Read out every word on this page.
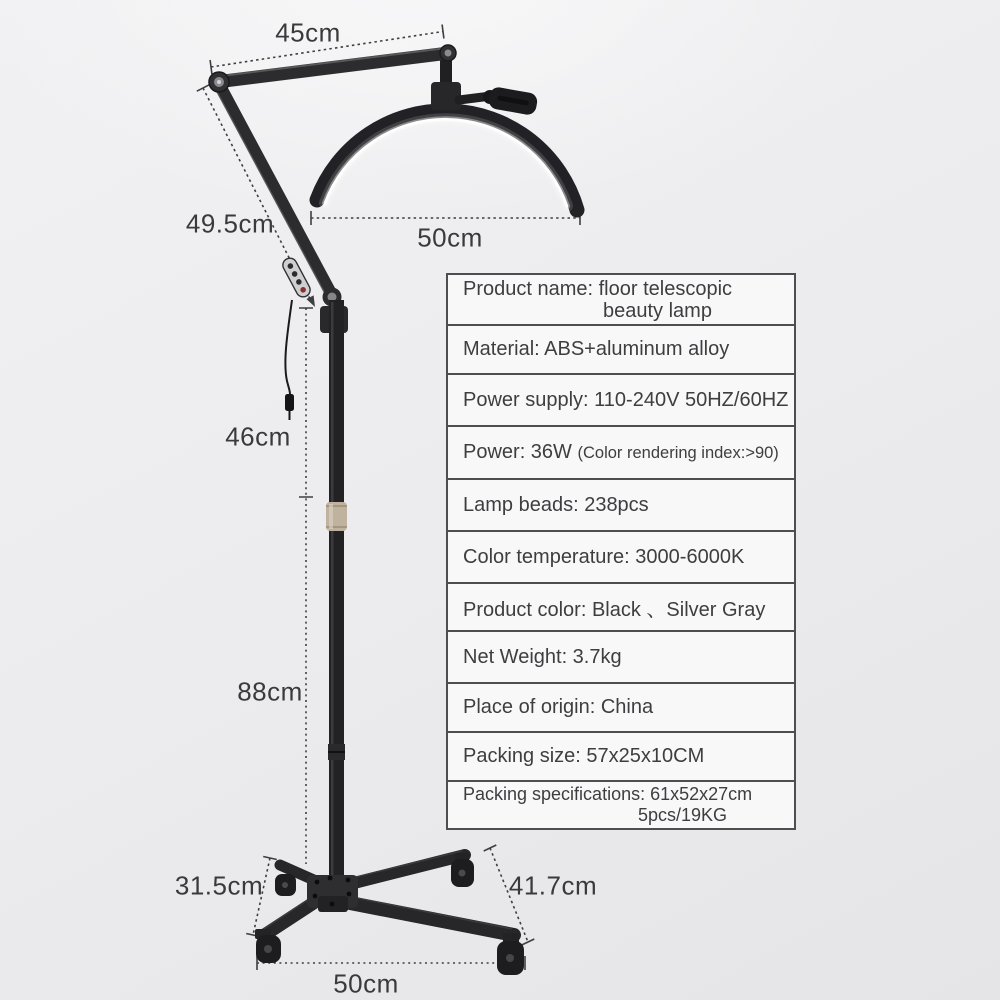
45cm
49.5cm	50cm
46cm
88cm
31.5cm	41.7cm
50cm
Product name: floor telescopic
beauty lamp
Material: ABS+aluminum alloy
Power supply: 110-240V 50HZ/60HZ
Power: 36W (Color rendering index:>90)
Lamp beads: 238pcs
Color temperature: 3000-6000K
Product color: Black 、Silver Gray
Net Weight: 3.7kg
Place of origin: China
Packing size: 57x25x10CM
Packing specifications: 61x52x27cm
5pcs/19KG
